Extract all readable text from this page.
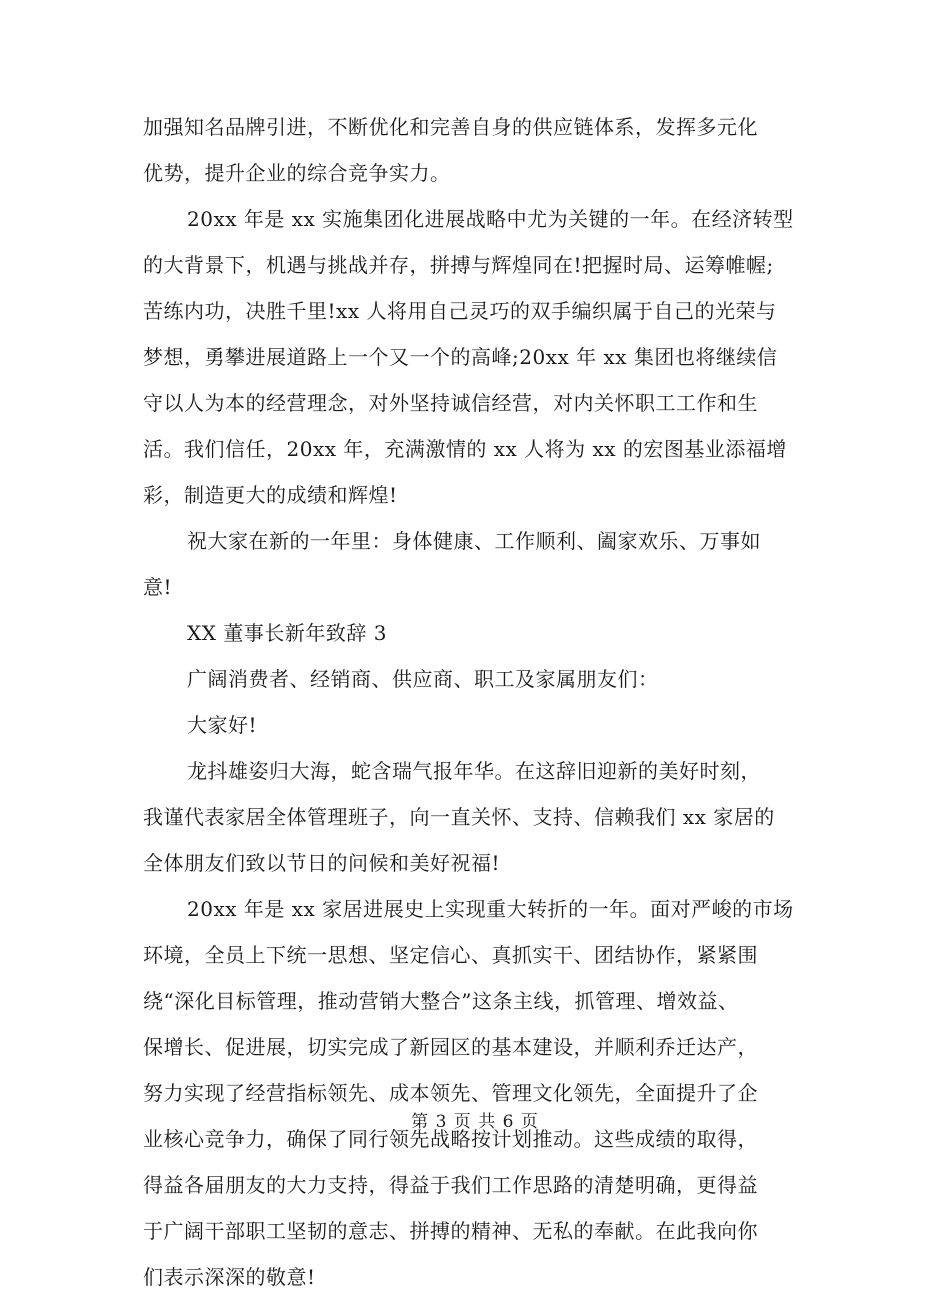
加强知名品牌引进，不断优化和完善自身的供应链体系，发挥多元化
优势，提升企业的综合竞争实力。
20xx 年是 xx 实施集团化进展战略中尤为关键的一年。在经济转型
的大背景下，机遇与挑战并存，拼搏与辉煌同在!把握时局、运筹帷幄;
苦练内功，决胜千里!xx 人将用自己灵巧的双手编织属于自己的光荣与
梦想，勇攀进展道路上一个又一个的高峰;20xx 年 xx 集团也将继续信
守以人为本的经营理念，对外坚持诚信经营，对内关怀职工工作和生
活。我们信任，20xx 年，充满激情的 xx 人将为 xx 的宏图基业添福增
彩，制造更大的成绩和辉煌!
祝大家在新的一年里：身体健康、工作顺利、阖家欢乐、万事如
意!
XX 董事长新年致辞 3
广阔消费者、经销商、供应商、职工及家属朋友们：
大家好!
龙抖雄姿归大海，蛇含瑞气报年华。在这辞旧迎新的美好时刻，
我谨代表家居全体管理班子，向一直关怀、支持、信赖我们 xx 家居的
全体朋友们致以节日的问候和美好祝福!
20xx 年是 xx 家居进展史上实现重大转折的一年。面对严峻的市场
环境，全员上下统一思想、坚定信心、真抓实干、团结协作，紧紧围
绕“深化目标管理，推动营销大整合”这条主线，抓管理、增效益、
保增长、促进展，切实完成了新园区的基本建设，并顺利乔迁达产，
努力实现了经营指标领先、成本领先、管理文化领先，全面提升了企
业核心竞争力，确保了同行领先战略按计划推动。这些成绩的取得，
得益各届朋友的大力支持，得益于我们工作思路的清楚明确，更得益
于广阔干部职工坚韧的意志、拼搏的精神、无私的奉献。在此我向你
们表示深深的敬意!
第 3 页 共 6 页
